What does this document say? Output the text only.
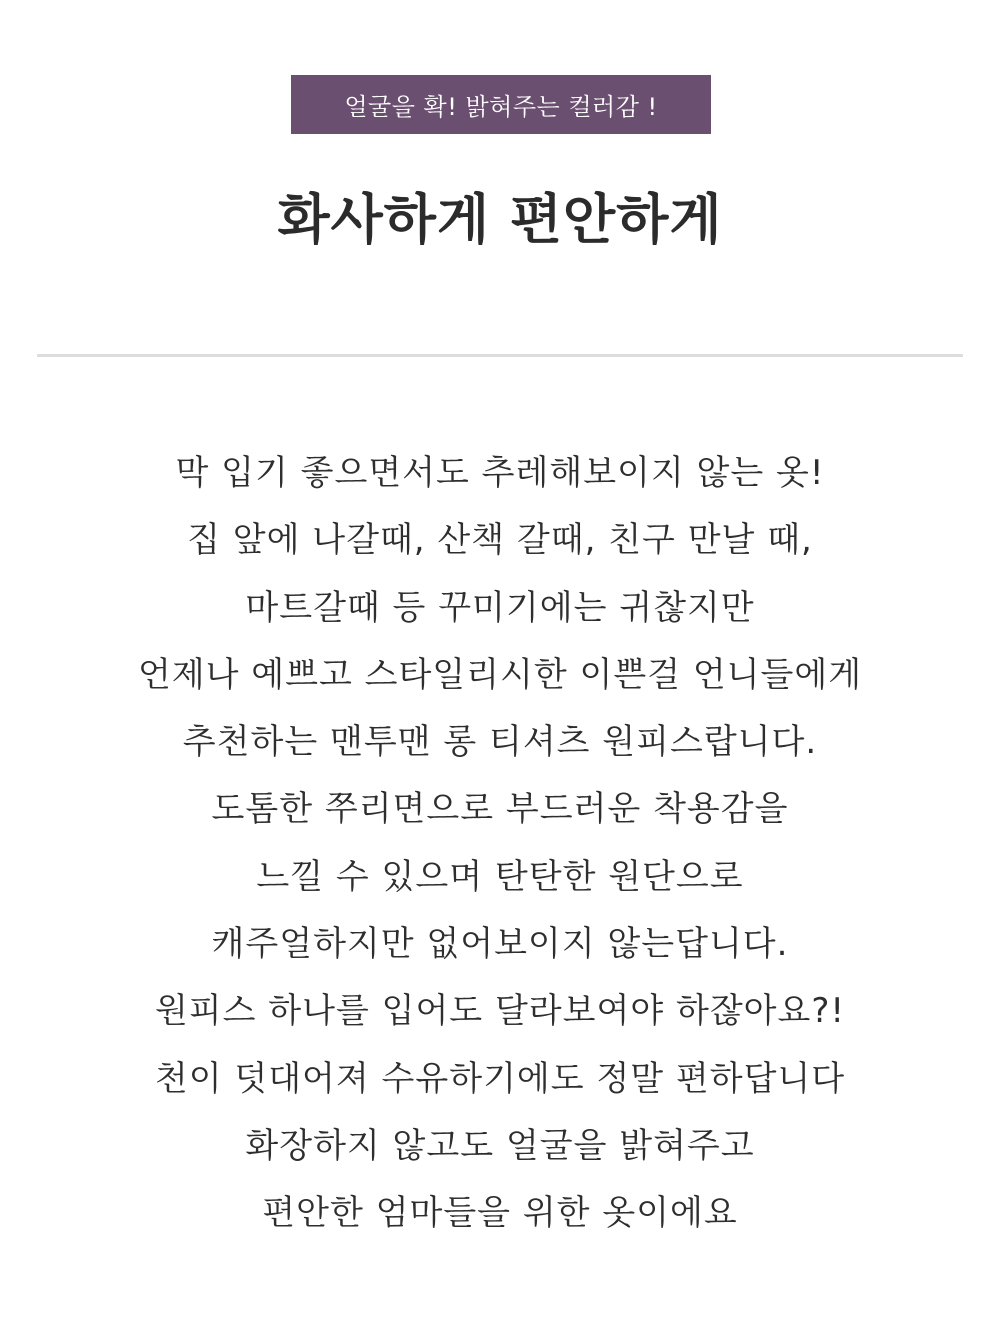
얼굴을 확! 밝혀주는 컬러감 !
화사하게 편안하게
막 입기 좋으면서도 추레해보이지 않는 옷!
집 앞에 나갈때, 산책 갈때, 친구 만날 때,
마트갈때 등 꾸미기에는 귀찮지만
언제나 예쁘고 스타일리시한 이쁜걸 언니들에게
추천하는 맨투맨 롱 티셔츠 원피스랍니다.
도톰한 쭈리면으로 부드러운 착용감을
느낄 수 있으며 탄탄한 원단으로
캐주얼하지만 없어보이지 않는답니다.
원피스 하나를 입어도 달라보여야 하잖아요?!
천이 덧대어져 수유하기에도 정말 편하답니다
화장하지 않고도 얼굴을 밝혀주고
편안한 엄마들을 위한 옷이에요
